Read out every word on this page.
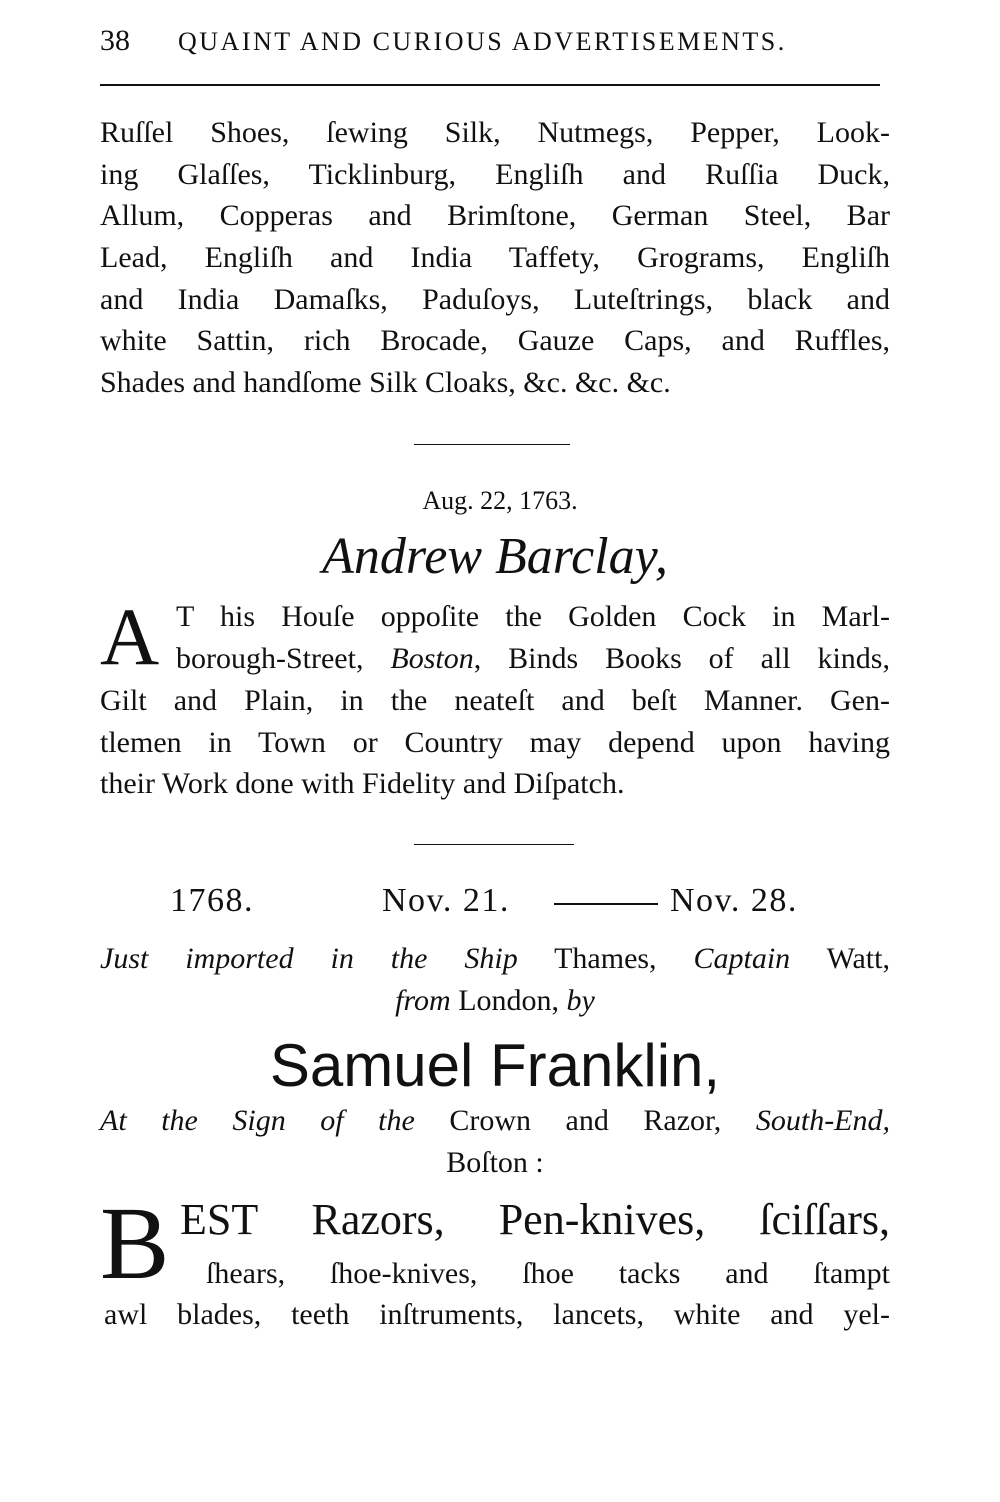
38 QUAINT AND CURIOUS ADVERTISEMENTS.
Ruſſel Shoes, ſewing Silk, Nutmegs, Pepper, Look-
ing Glaſſes, Ticklinburg, Engliſh and Ruſſia Duck,
Allum, Copperas and Brimſtone, German Steel, Bar
Lead, Engliſh and India Taffety, Grograms, Engliſh
and India Damaſks, Paduſoys, Luteſtrings, black and
white Sattin, rich Brocade, Gauze Caps, and Ruffles,
Shades and handſome Silk Cloaks, &c. &c. &c.
Aug. 22, 1763.
Andrew Barclay,
A T his Houſe oppoſite the Golden Cock in Marl-
borough-Street, Boston, Binds Books of all kinds,
Gilt and Plain, in the neateſt and beſt Manner. Gen-
tlemen in Town or Country may depend upon having
their Work done with Fidelity and Diſpatch.
1768.	Nov. 21.	Nov. 28.
Just imported in the Ship Thames, Captain Watt,
from London, by
Samuel Franklin,
At the Sign of the Crown and Razor, South-End,
Boſton :
B EST Razors, Pen-knives, ſciſſars,
ſhears, ſhoe-knives, ſhoe tacks and ſtampt
awl blades, teeth inſtruments, lancets, white and yel-
